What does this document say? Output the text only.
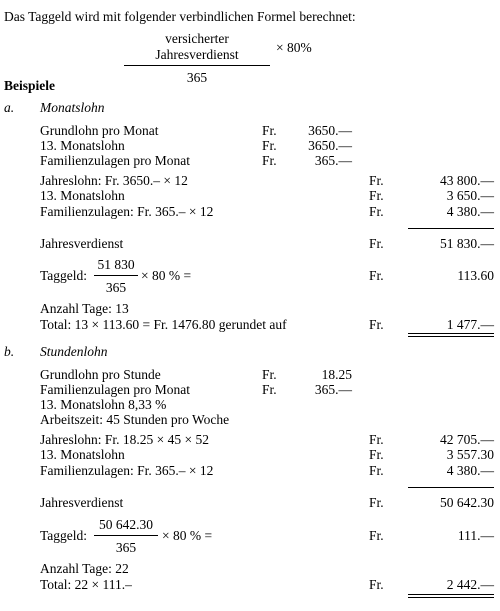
Das Taggeld wird mit folgender verbindlichen Formel berechnet:
versicherter Jahresverdienst
365
× 80%
Beispiele
a. Monatslohn
Grundlohn pro Monat	Fr.	3650.—
13. Monatslohn	Fr.	3650.—
Familienzulagen pro Monat	Fr.	365.—
Jahreslohn: Fr. 3650.– × 12	Fr.	43 800.—
13. Monatslohn	Fr.	3 650.—
Familienzulagen: Fr. 365.– × 12	Fr.	4 380.—
Jahresverdienst	Fr.	51 830.—
Taggeld: $\frac{51 830}{365} \times 80$ % =	Fr.	113.60
Anzahl Tage: 13
Total: 13 × 113.60 = Fr. 1476.80 gerundet auf	Fr.	1 477.—
b. Stundenlohn
Grundlohn pro Stunde	Fr.	18.25
Familienzulagen pro Monat	Fr.	365.—
13. Monatslohn 8,33 %
Arbeitszeit: 45 Stunden pro Woche
Jahreslohn: Fr. 18.25 × 45 × 52	Fr.	42 705.—
13. Monatslohn	Fr.	3 557.30
Familienzulagen: Fr. 365.– × 12	Fr.	4 380.—
Jahresverdienst	Fr.	50 642.30
Taggeld: $\frac{50 642.30}{365} \times 80$ % =	Fr.	111.—
Anzahl Tage: 22
Total: 22 × 111.–	Fr.	2 442.—
